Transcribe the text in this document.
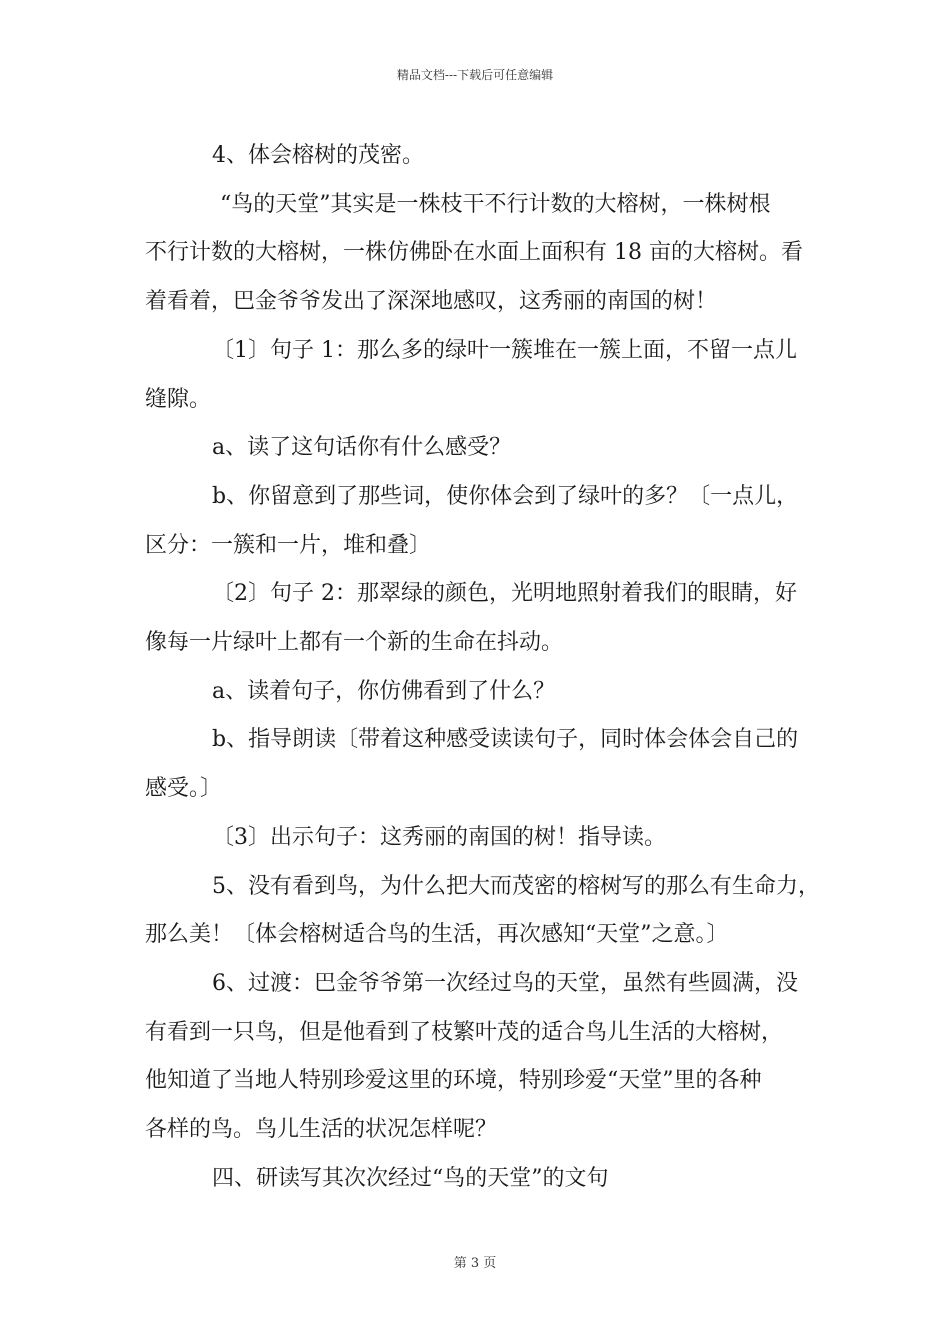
精品文档---下载后可任意编辑

4、体会榕树的茂密。

“鸟的天堂”其实是一株枝干不行计数的大榕树，一株树根

不行计数的大榕树，一株仿佛卧在水面上面积有 18 亩的大榕树。看

着看着，巴金爷爷发出了深深地感叹，这秀丽的南国的树！

〔1〕句子 1：那么多的绿叶一簇堆在一簇上面，不留一点儿

缝隙。

a、读了这句话你有什么感受？

b、你留意到了那些词，使你体会到了绿叶的多？〔一点儿，

区分：一簇和一片，堆和叠〕

〔2〕句子 2：那翠绿的颜色，光明地照射着我们的眼睛，好

像每一片绿叶上都有一个新的生命在抖动。

a、读着句子，你仿佛看到了什么？

b、指导朗读〔带着这种感受读读句子，同时体会体会自己的

感受。〕

〔3〕出示句子：这秀丽的南国的树！指导读。

5、没有看到鸟，为什么把大而茂密的榕树写的那么有生命力，

那么美！〔体会榕树适合鸟的生活，再次感知“天堂”之意。〕

6、过渡：巴金爷爷第一次经过鸟的天堂，虽然有些圆满，没

有看到一只鸟，但是他看到了枝繁叶茂的适合鸟儿生活的大榕树，

他知道了当地人特别珍爱这里的环境，特别珍爱“天堂”里的各种

各样的鸟。鸟儿生活的状况怎样呢？

四、研读写其次次经过“鸟的天堂”的文句

第 3 页
